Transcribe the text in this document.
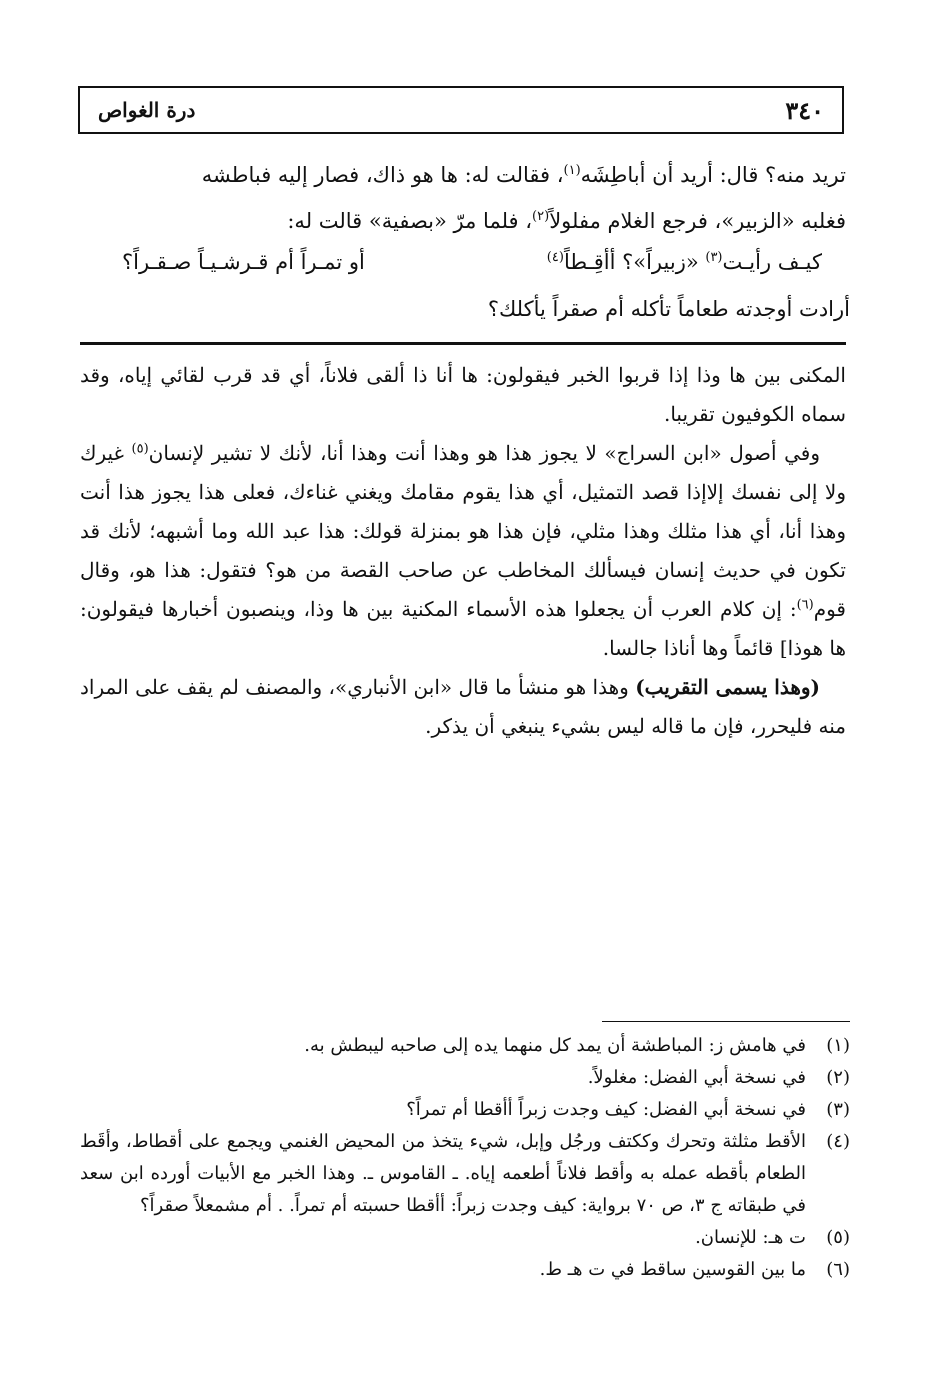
٣٤٠
درة الغواص
تريد منه؟ قال: أريد أن أباطِشَه$^{(١)}$، فقالت له: ها هو ذاك، فصار إليه فباطشه
فغلبه «الزبير»، فرجع الغلام مفلولاً$^{(٢)}$، فلما مرّ «بصفية» قالت له:
كيـف رأيـت$^{(٣)}$ «زبيراً»؟ أأقِـطاً$^{(٤)}$
أو تمـراً أم قـرشـيـاً صـقـراً؟
أرادت أوجدته طعاماً تأكله أم صقراً يأكلك؟

المكنى بين ها وذا إذا قربوا الخبر فيقولون: ها أنا ذا ألقى فلاناً، أي قد قرب لقائي إياه، وقد سماه الكوفيون تقريبا.

وفي أصول «ابن السراج» لا يجوز هذا هو وهذا أنت وهذا أنا، لأنك لا تشير لإنسان$^{(٥)}$ غيرك ولا إلى نفسك إلاإذا قصد التمثيل، أي هذا يقوم مقامك ويغني غناءك، فعلى هذا يجوز هذا أنت وهذا أنا، أي هذا مثلك وهذا مثلي، فإن هذا هو بمنزلة قولك: هذا عبد الله وما أشبهه؛ لأنك قد تكون في حديث إنسان فيسألك المخاطب عن صاحب القصة من هو؟ فتقول: هذا هو، وقال قوم$^{(٦)}$: إن كلام العرب أن يجعلوا هذه الأسماء المكنية بين ها وذا، وينصبون أخبارها فيقولون: ها هوذا] قائماً وها أناذا جالسا.

(وهذا يسمى التقريب) وهذا هو منشأ ما قال «ابن الأنباري»، والمصنف لم يقف على المراد منه فليحرر، فإن ما قاله ليس بشيء ينبغي أن يذكر.

(١)
في هامش ز: المباطشة أن يمد كل منهما يده إلى صاحبه ليبطش به.
(٢)
في نسخة أبي الفضل: مغلولاً.
(٣)
في نسخة أبي الفضل: كيف وجدت زبراً أأقطا أم تمراً؟
(٤)
الأقط مثلثة وتحرك وككتف ورجُل وإبل، شيء يتخذ من المحيض الغنمي ويجمع على أقطاط، وأقَط الطعام بأقطه عمله به وأقط فلاناً أطعمه إياه. ـ القاموس ـ. وهذا الخبر مع الأبيات أورده ابن سعد في طبقاته ج ٣، ص ٧٠ برواية: كيف وجدت زبراً: أأقطا حسبته أم تمراً. . أم مشمعلاً صقراً؟
(٥)
ت هـ: للإنسان.
(٦)
ما بين القوسين ساقط في ت هـ ط.
